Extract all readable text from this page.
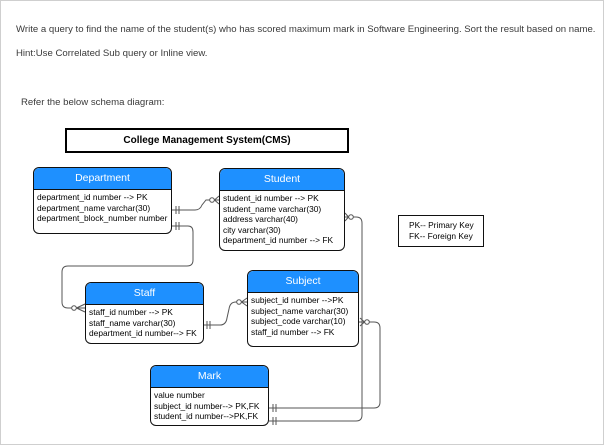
Write a query to find the name of the student(s) who has scored maximum mark in Software Engineering. Sort the result based on name.
Hint:Use Correlated Sub query or Inline view.
Refer the below schema diagram:
College Management System(CMS)
Department
department_id number --> PK
department_name varchar(30)
department_block_number number
Student
student_id number --> PK
student_name varchar(30)
address varchar(40)
city varchar(30)
department_id number --> FK
PK-- Primary Key
FK-- Foreign Key
Staff
staff_id number --> PK
staff_name varchar(30)
department_id number--> FK
Subject
subject_id number -->PK
subject_name varchar(30)
subject_code varchar(10)
staff_id number --> FK
Mark
value number
subject_id number--> PK,FK
student_id number-->PK,FK
